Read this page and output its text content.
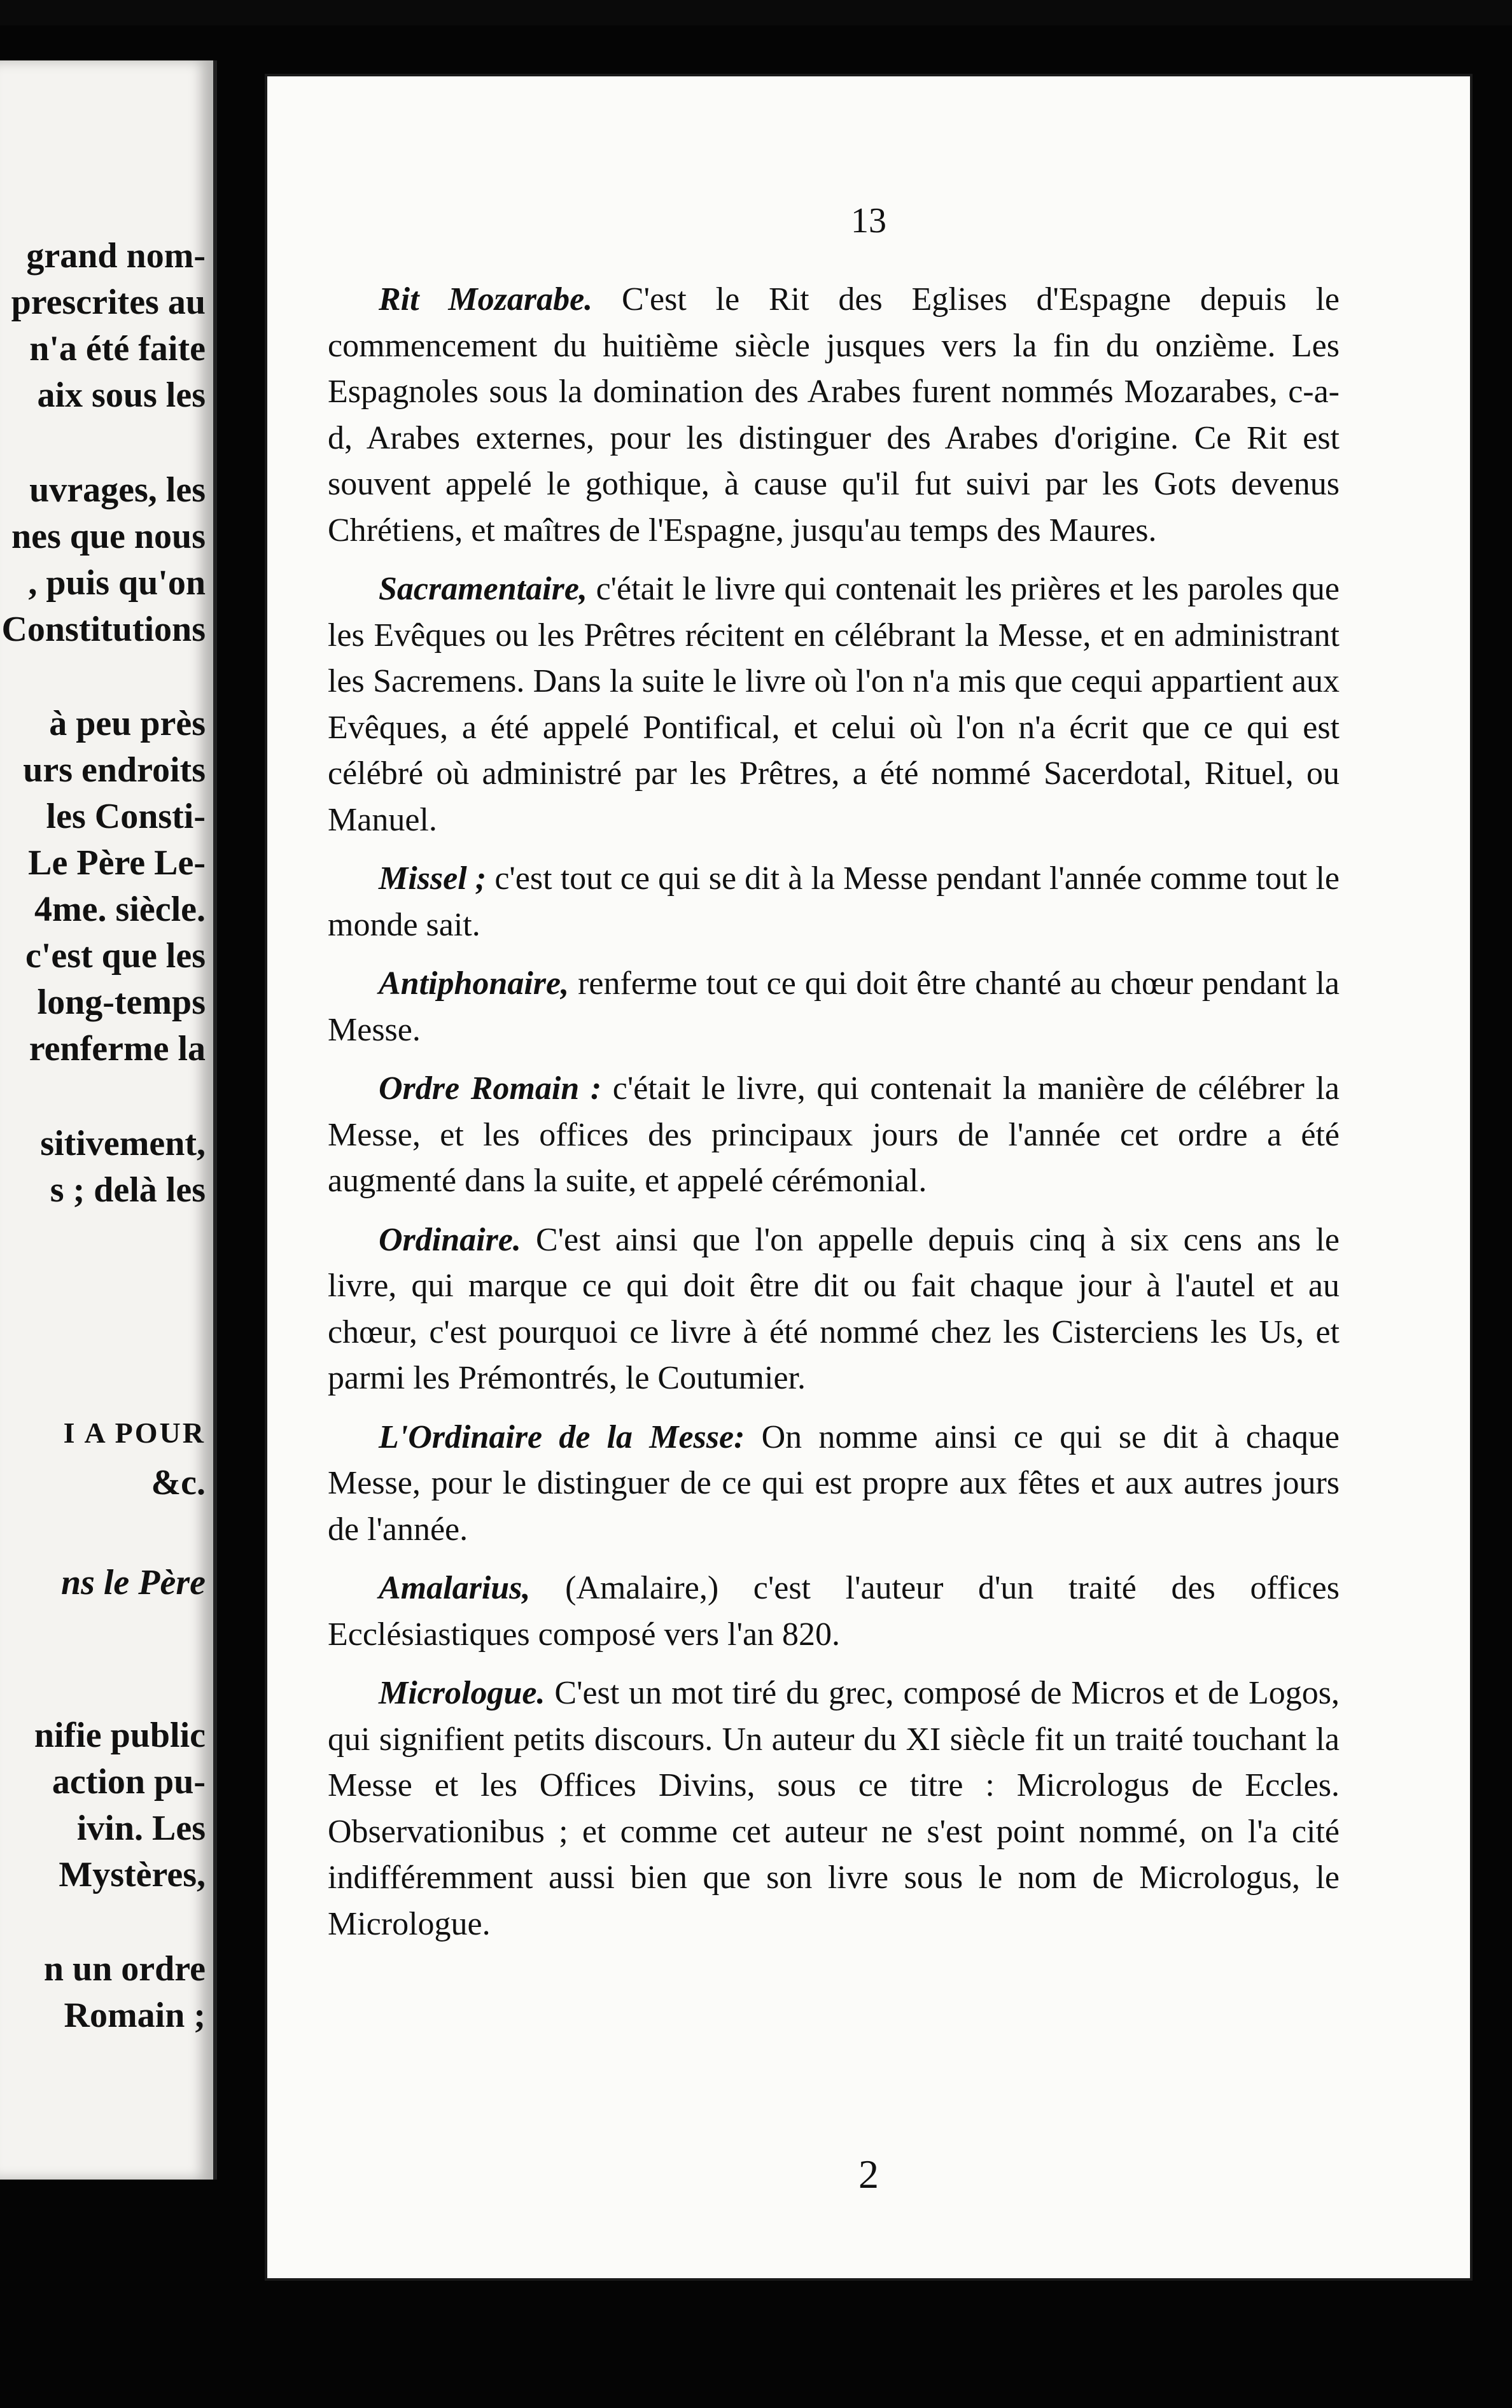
grand nom-
prescrites au
n'a été faite
aix sous les
uvrages, les
nes que nous
, puis qu'on
Constitutions
à peu près
urs endroits
les Consti-
Le Père Le-
4me. siècle.
c'est que les
long-temps
renferme la
sitivement,
s ; delà les
I A POUR
&c.
ns le Père
nifie public
action pu-
ivin. Les
Mystères,
n un ordre
Romain ;
13

Rit Mozarabe. C'est le Rit des Eglises d'Espagne depuis le commencement du huitième siècle jusques vers la fin du onzième. Les Espagnoles sous la domination des Arabes furent nommés Mozarabes, c-a-d, Arabes externes, pour les distinguer des Arabes d'origine. Ce Rit est souvent appelé le gothique, à cause qu'il fut suivi par les Gots devenus Chrétiens, et maîtres de l'Espagne, jusqu'au temps des Maures.

Sacramentaire, c'était le livre qui contenait les prières et les paroles que les Evêques ou les Prêtres récitent en célébrant la Messe, et en administrant les Sacremens. Dans la suite le livre où l'on n'a mis que cequi appartient aux Evêques, a été appelé Pontifical, et celui où l'on n'a écrit que ce qui est célébré où administré par les Prêtres, a été nommé Sacerdotal, Rituel, ou Manuel.

Missel ; c'est tout ce qui se dit à la Messe pendant l'année comme tout le monde sait.

Antiphonaire, renferme tout ce qui doit être chanté au chœur pendant la Messe.

Ordre Romain : c'était le livre, qui contenait la manière de célébrer la Messe, et les offices des principaux jours de l'année cet ordre a été augmenté dans la suite, et appelé cérémonial.

Ordinaire. C'est ainsi que l'on appelle depuis cinq à six cens ans le livre, qui marque ce qui doit être dit ou fait chaque jour à l'autel et au chœur, c'est pourquoi ce livre à été nommé chez les Cisterciens les Us, et parmi les Prémontrés, le Coutumier.

L'Ordinaire de la Messe: On nomme ainsi ce qui se dit à chaque Messe, pour le distinguer de ce qui est propre aux fêtes et aux autres jours de l'année.

Amalarius, (Amalaire,) c'est l'auteur d'un traité des offices Ecclésiastiques composé vers l'an 820.

Micrologue. C'est un mot tiré du grec, composé de Micros et de Logos, qui signifient petits discours. Un auteur du XI siècle fit un traité touchant la Messe et les Offices Divins, sous ce titre : Micrologus de Eccles. Observationibus ; et comme cet auteur ne s'est point nommé, on l'a cité indifféremment aussi bien que son livre sous le nom de Micrologus, le Micrologue.

2
